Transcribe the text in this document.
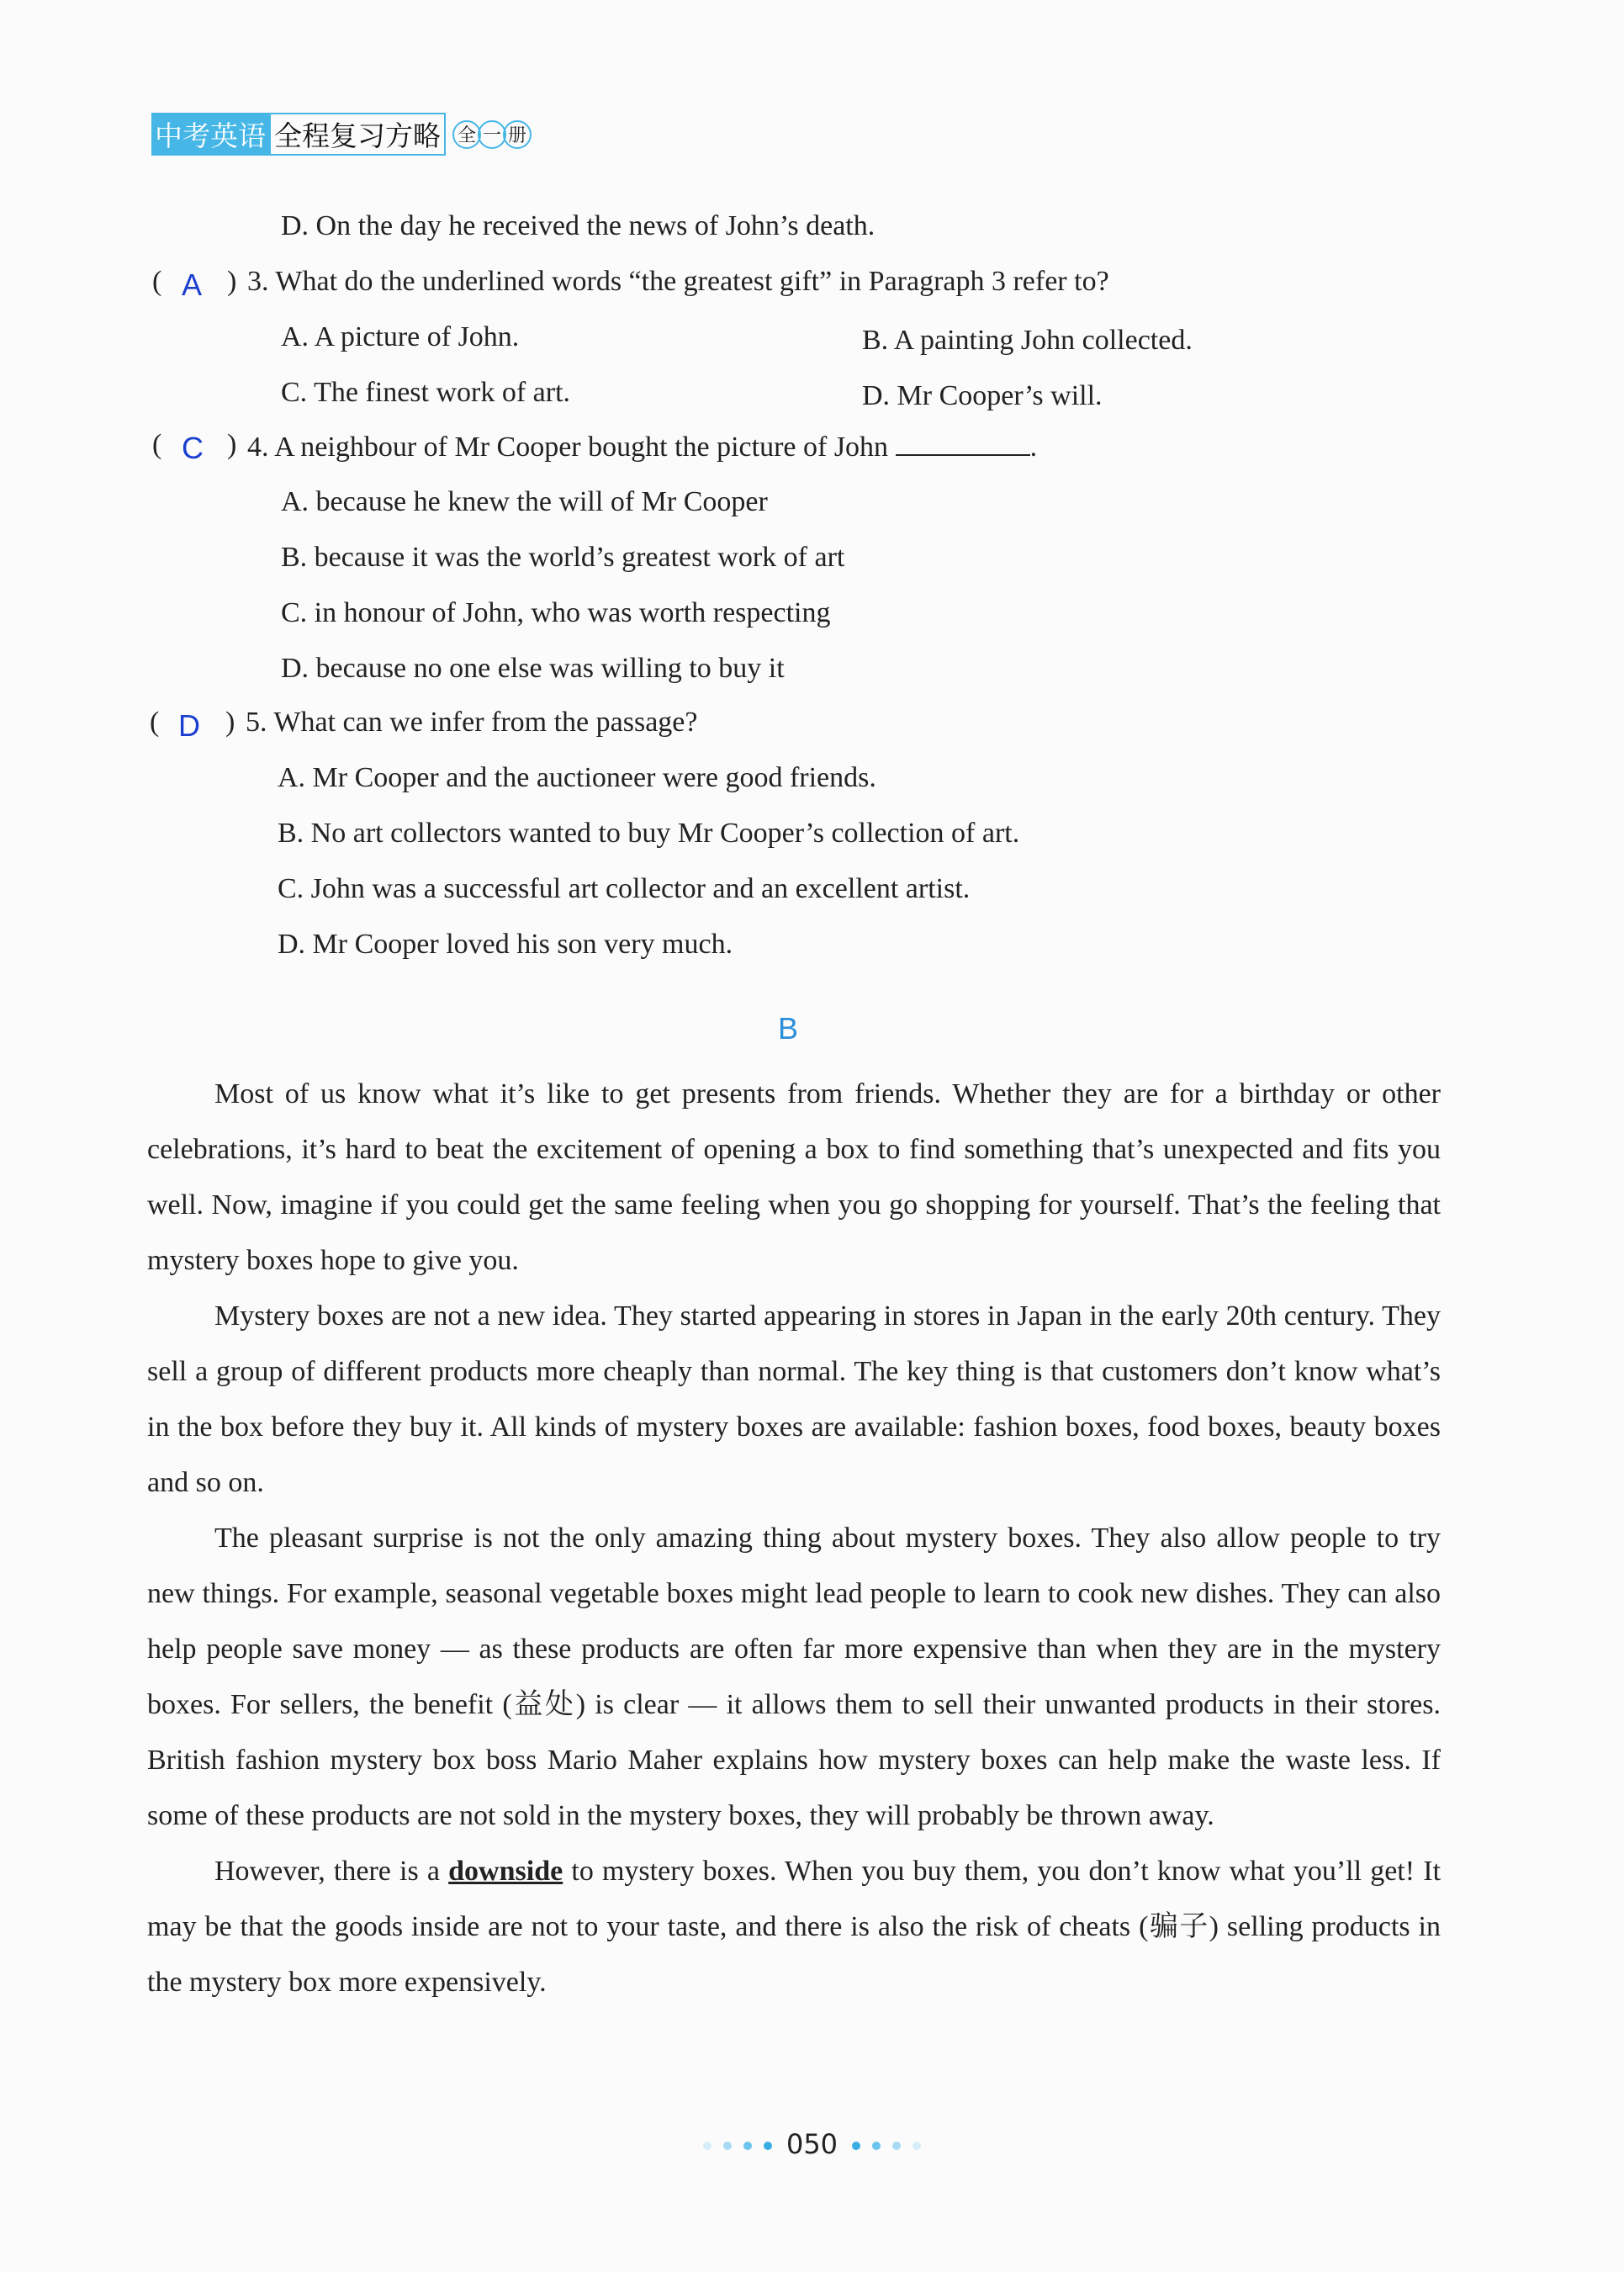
中考英语 全程复习方略 全 一 册
D. On the day he received the news of John’s death.
( A ) 3. What do the underlined words “the greatest gift” in Paragraph 3 refer to?
A. A picture of John.	B. A painting John collected.
C. The finest work of art.	D. Mr Cooper’s will.
( C ) 4. A neighbour of Mr Cooper bought the picture of John	.
A. because he knew the will of Mr Cooper
B. because it was the world’s greatest work of art
C. in honour of John, who was worth respecting
D. because no one else was willing to buy it
( D ) 5. What can we infer from the passage?
A. Mr Cooper and the auctioneer were good friends.
B. No art collectors wanted to buy Mr Cooper’s collection of art.
C. John was a successful art collector and an excellent artist.
D. Mr Cooper loved his son very much.
B

Most of us know what it’s like to get presents from friends. Whether they are for a birthday or other celebrations, it’s hard to beat the excitement of opening a box to find something that’s unexpected and fits you well. Now, imagine if you could get the same feeling when you go shopping for yourself. That’s the feeling that mystery boxes hope to give you.

Mystery boxes are not a new idea. They started appearing in stores in Japan in the early 20th century. They sell a group of different products more cheaply than normal. The key thing is that customers don’t know what’s in the box before they buy it. All kinds of mystery boxes are available: fashion boxes, food boxes, beauty boxes and so on.

The pleasant surprise is not the only amazing thing about mystery boxes. They also allow people to try new things. For example, seasonal vegetable boxes might lead people to learn to cook new dishes. They can also help people save money — as these products are often far more expensive than when they are in the mystery boxes. For sellers, the benefit (益处) is clear — it allows them to sell their unwanted products in their stores. British fashion mystery box boss Mario Maher explains how mystery boxes can help make the waste less. If some of these products are not sold in the mystery boxes, they will probably be thrown away.

However, there is a downside to mystery boxes. When you buy them, you don’t know what you’ll get! It may be that the goods inside are not to your taste, and there is also the risk of cheats (骗子) selling products in the mystery box more expensively.

050
